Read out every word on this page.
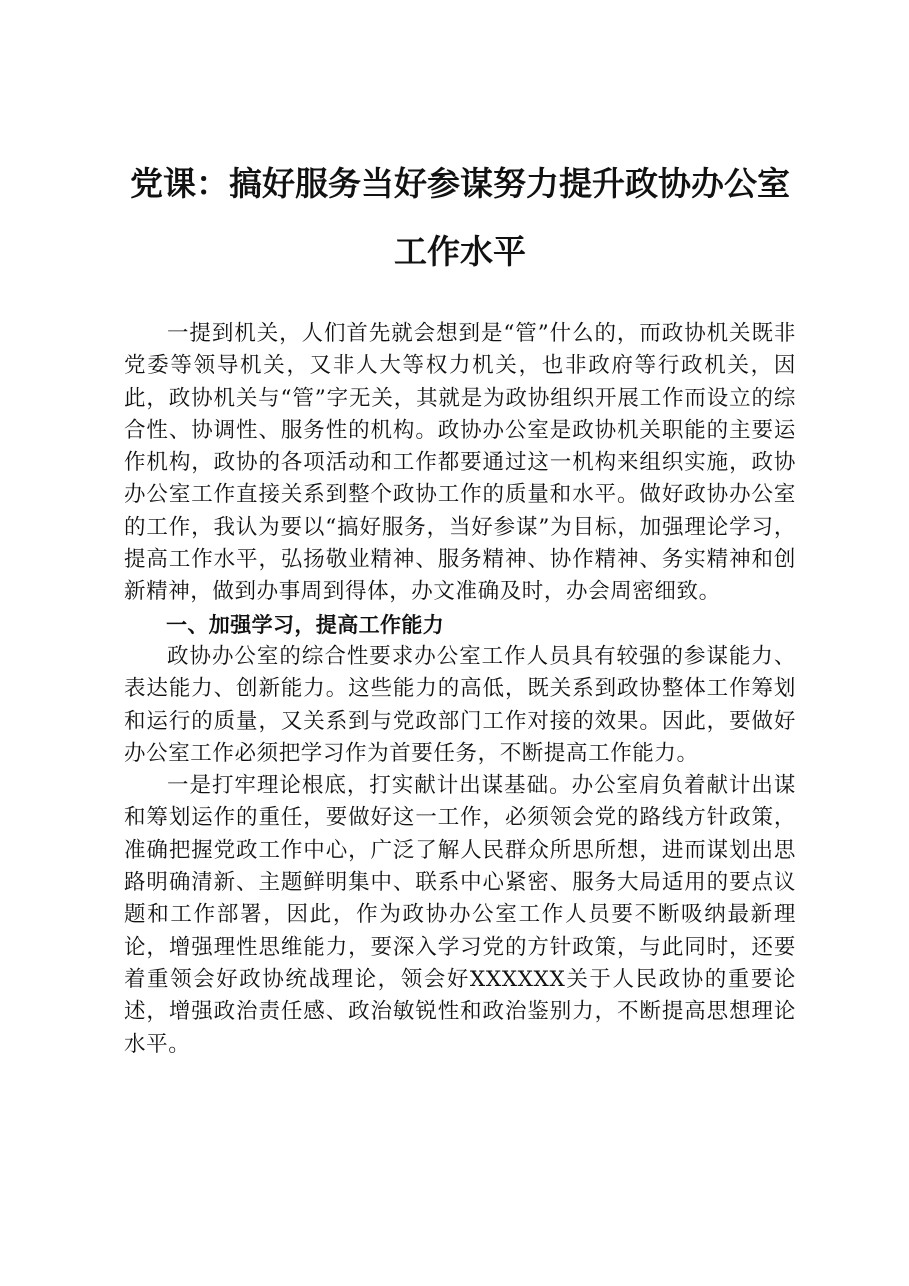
党课：搞好服务当好参谋努力提升政协办公室
工作水平

一提到机关，人们首先就会想到是“管”什么的，而政协机关既非党委等领导机关，又非人大等权力机关，也非政府等行政机关，因此，政协机关与“管”字无关，其就是为政协组织开展工作而设立的综合性、协调性、服务性的机构。政协办公室是政协机关职能的主要运作机构，政协的各项活动和工作都要通过这一机构来组织实施，政协办公室工作直接关系到整个政协工作的质量和水平。做好政协办公室的工作，我认为要以“搞好服务，当好参谋”为目标，加强理论学习，提高工作水平，弘扬敬业精神、服务精神、协作精神、务实精神和创新精神，做到办事周到得体，办文准确及时，办会周密细致。

一、加强学习，提高工作能力

政协办公室的综合性要求办公室工作人员具有较强的参谋能力、表达能力、创新能力。这些能力的高低，既关系到政协整体工作筹划和运行的质量，又关系到与党政部门工作对接的效果。因此，要做好办公室工作必须把学习作为首要任务，不断提高工作能力。

一是打牢理论根底，打实献计出谋基础。办公室肩负着献计出谋和筹划运作的重任，要做好这一工作，必须领会党的路线方针政策，准确把握党政工作中心，广泛了解人民群众所思所想，进而谋划出思路明确清新、主题鲜明集中、联系中心紧密、服务大局适用的要点议题和工作部署，因此，作为政协办公室工作人员要不断吸纳最新理论，增强理性思维能力，要深入学习党的方针政策，与此同时，还要着重领会好政协统战理论，领会好XXXXXX关于人民政协的重要论述，增强政治责任感、政治敏锐性和政治鉴别力，不断提高思想理论水平。
